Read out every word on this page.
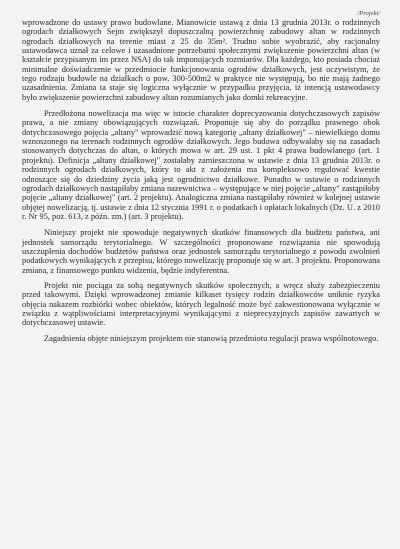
/Projekt/

wprowadzone do ustawy prawo budowlane. Mianowicie ustawą z dnia 13 grudnia 2013r. o rodzinnych ogrodach działkowych Sejm zwiększył dopuszczalną powierzchnię zabudowy altan w rodzinnych ogrodach działkowych na terenie miast z 25 do 35m². Trudno sobie wyobrazić, aby racjonalny ustawodawca uznał za celowe i uzasadnione potrzebami społecznymi zwiększenie powierzchni altan (w kształcie przypisanym im przez NSA) do tak imponujących rozmiarów. Dla każdego, kto posiada chociaż minimalne doświadczenie w przedmiocie funkcjonowania ogrodów działkowych, jest oczywistym, że tego rodzaju budowle na działkach o pow. 300-500m2 w praktyce nie występują, bo nie mają żadnego uzasadnienia. Zmiana ta staje się logiczna wyłącznie w przypadku przyjęcia, iż intencją ustawodawcy było zwiększenie powierzchni zabudowy altan rozumianych jako domki rekreacyjne.

Przedłożona nowelizacja ma więc w istocie charakter doprecyzowania dotychczasowych zapisów prawa, a nie zmiany obowiązujących rozwiązań. Proponuje się aby do porządku prawnego obok dotychczasowego pojęcia „altany" wprowadzić nową kategorię „altany działkowej" – niewielkiego domu wznoszonego na terenach rodzinnych ogrodów działkowych. Jego budowa odbywałaby się na zasadach stosowanych dotychczas do altan, o których mowa w art. 29 ust. 1 pkt 4 prawa budowlanego (art. 1 projektu). Definicja „altany działkowej" zostałaby zamieszczona w ustawie z dnia 13 grudnia 2013r. o rodzinnych ogrodach działkowych, który to akt z założenia ma kompleksowo regulować kwestie odnoszące się do dziedziny życia jaką jest ogrodnictwo działkowe. Ponadto w ustawie o rodzinnych ogrodach działkowych nastąpiłaby zmiana nazewnictwa – występujące w niej pojęcie „altany" zastąpiłoby pojęcie „altany działkowej" (art. 2 projektu). Analogiczna zmiana nastąpiłaby również w kolejnej ustawie objętej nowelizacją, tj. ustawie z dnia 12 stycznia 1991 r. o podatkach i opłatach lokalnych (Dz. U. z 2010 r. Nr 95, poz. 613, z późn. zm.) (art. 3 projektu).

Niniejszy projekt nie spowoduje negatywnych skutków finansowych dla budżetu państwa, ani jednostek samorządu terytorialnego. W szczególności proponowane rozwiązania nie spowodują uszczuplenia dochodów budżetów państwa oraz jednostek samorządu terytorialnego z powodu zwolnień podatkowych wynikających z przepisu, którego nowelizację proponuje się w art. 3 projektu. Proponowana zmiana, z finansowego punktu widzenia, będzie indyferentna.

Projekt nie pociąga za sobą negatywnych skutków społecznych, a wręcz służy zabezpieczeniu przed takowymi. Dzięki wprowadzonej zmianie kilkaset tysięcy rodzin działkowców uniknie ryzyka objęcia nakazem rozbiórki wobec obiektów, których legalność może być zakwestionowana wyłącznie w związku z wątpliwościami interpretacyjnymi wynikającymi z nieprecyzyjnych zapisów zawartych w dotychczasowej ustawie.

Zagadnienia objęte niniejszym projektem nie stanowią przedmiotu regulacji prawa wspólnotowego.
